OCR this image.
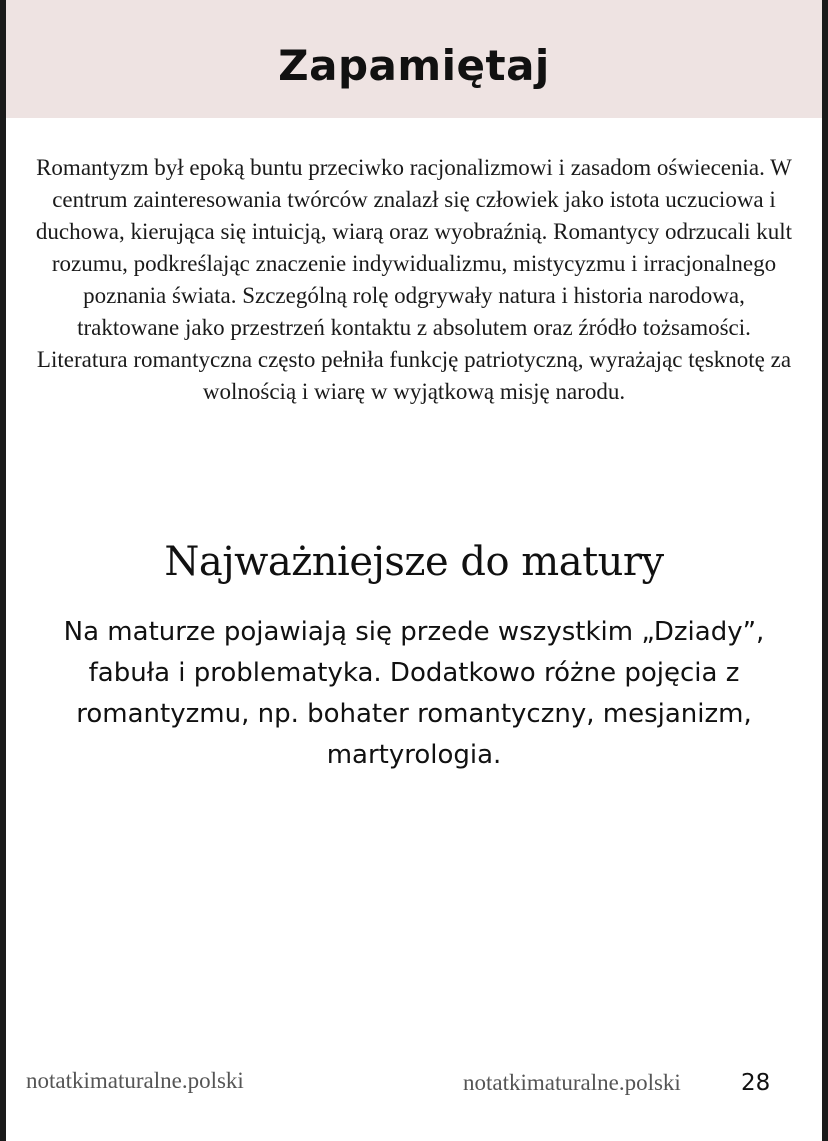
Zapamiętaj

Romantyzm był epoką buntu przeciwko racjonalizmowi i zasadom oświecenia. W centrum zainteresowania twórców znalazł się człowiek jako istota uczuciowa i duchowa, kierująca się intuicją, wiarą oraz wyobraźnią. Romantycy odrzucali kult rozumu, podkreślając znaczenie indywidualizmu, mistycyzmu i irracjonalnego poznania świata. Szczególną rolę odgrywały natura i historia narodowa, traktowane jako przestrzeń kontaktu z absolutem oraz źródło tożsamości. Literatura romantyczna często pełniła funkcję patriotyczną, wyrażając tęsknotę za wolnością i wiarę w wyjątkową misję narodu.

Najważniejsze do matury

Na maturze pojawiają się przede wszystkim „Dziady”, fabuła i problematyka. Dodatkowo różne pojęcia z romantyzmu, np. bohater romantyczny, mesjanizm, martyrologia.

notatkimaturalne.polski	notatkimaturalne.polski	28
